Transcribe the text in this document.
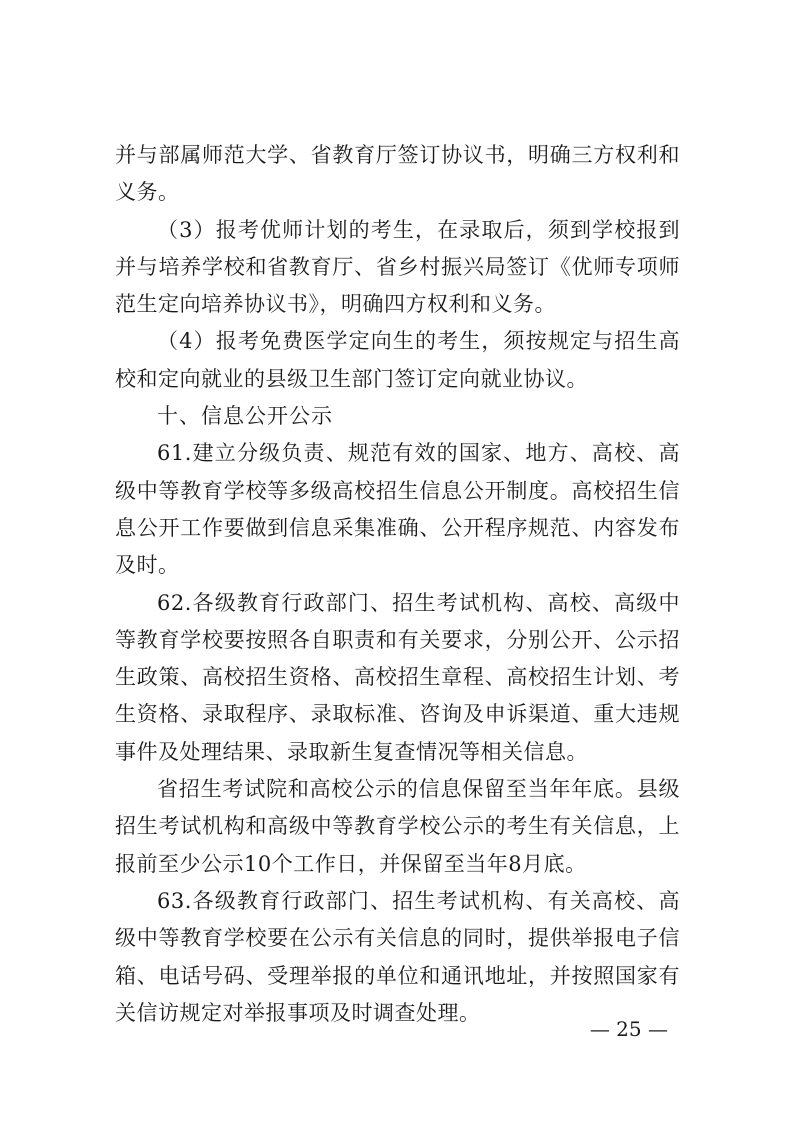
并与部属师范大学、省教育厅签订协议书，明确三方权利和义务。

（3）报考优师计划的考生，在录取后，须到学校报到并与培养学校和省教育厅、省乡村振兴局签订《优师专项师范生定向培养协议书》，明确四方权利和义务。

（4）报考免费医学定向生的考生，须按规定与招生高校和定向就业的县级卫生部门签订定向就业协议。

十、信息公开公示

61.建立分级负责、规范有效的国家、地方、高校、高级中等教育学校等多级高校招生信息公开制度。高校招生信息公开工作要做到信息采集准确、公开程序规范、内容发布及时。

62.各级教育行政部门、招生考试机构、高校、高级中等教育学校要按照各自职责和有关要求，分别公开、公示招生政策、高校招生资格、高校招生章程、高校招生计划、考生资格、录取程序、录取标准、咨询及申诉渠道、重大违规事件及处理结果、录取新生复查情况等相关信息。

省招生考试院和高校公示的信息保留至当年年底。县级招生考试机构和高级中等教育学校公示的考生有关信息，上报前至少公示10个工作日，并保留至当年8月底。

63.各级教育行政部门、招生考试机构、有关高校、高级中等教育学校要在公示有关信息的同时，提供举报电子信箱、电话号码、受理举报的单位和通讯地址，并按照国家有关信访规定对举报事项及时调查处理。

— 25 —
